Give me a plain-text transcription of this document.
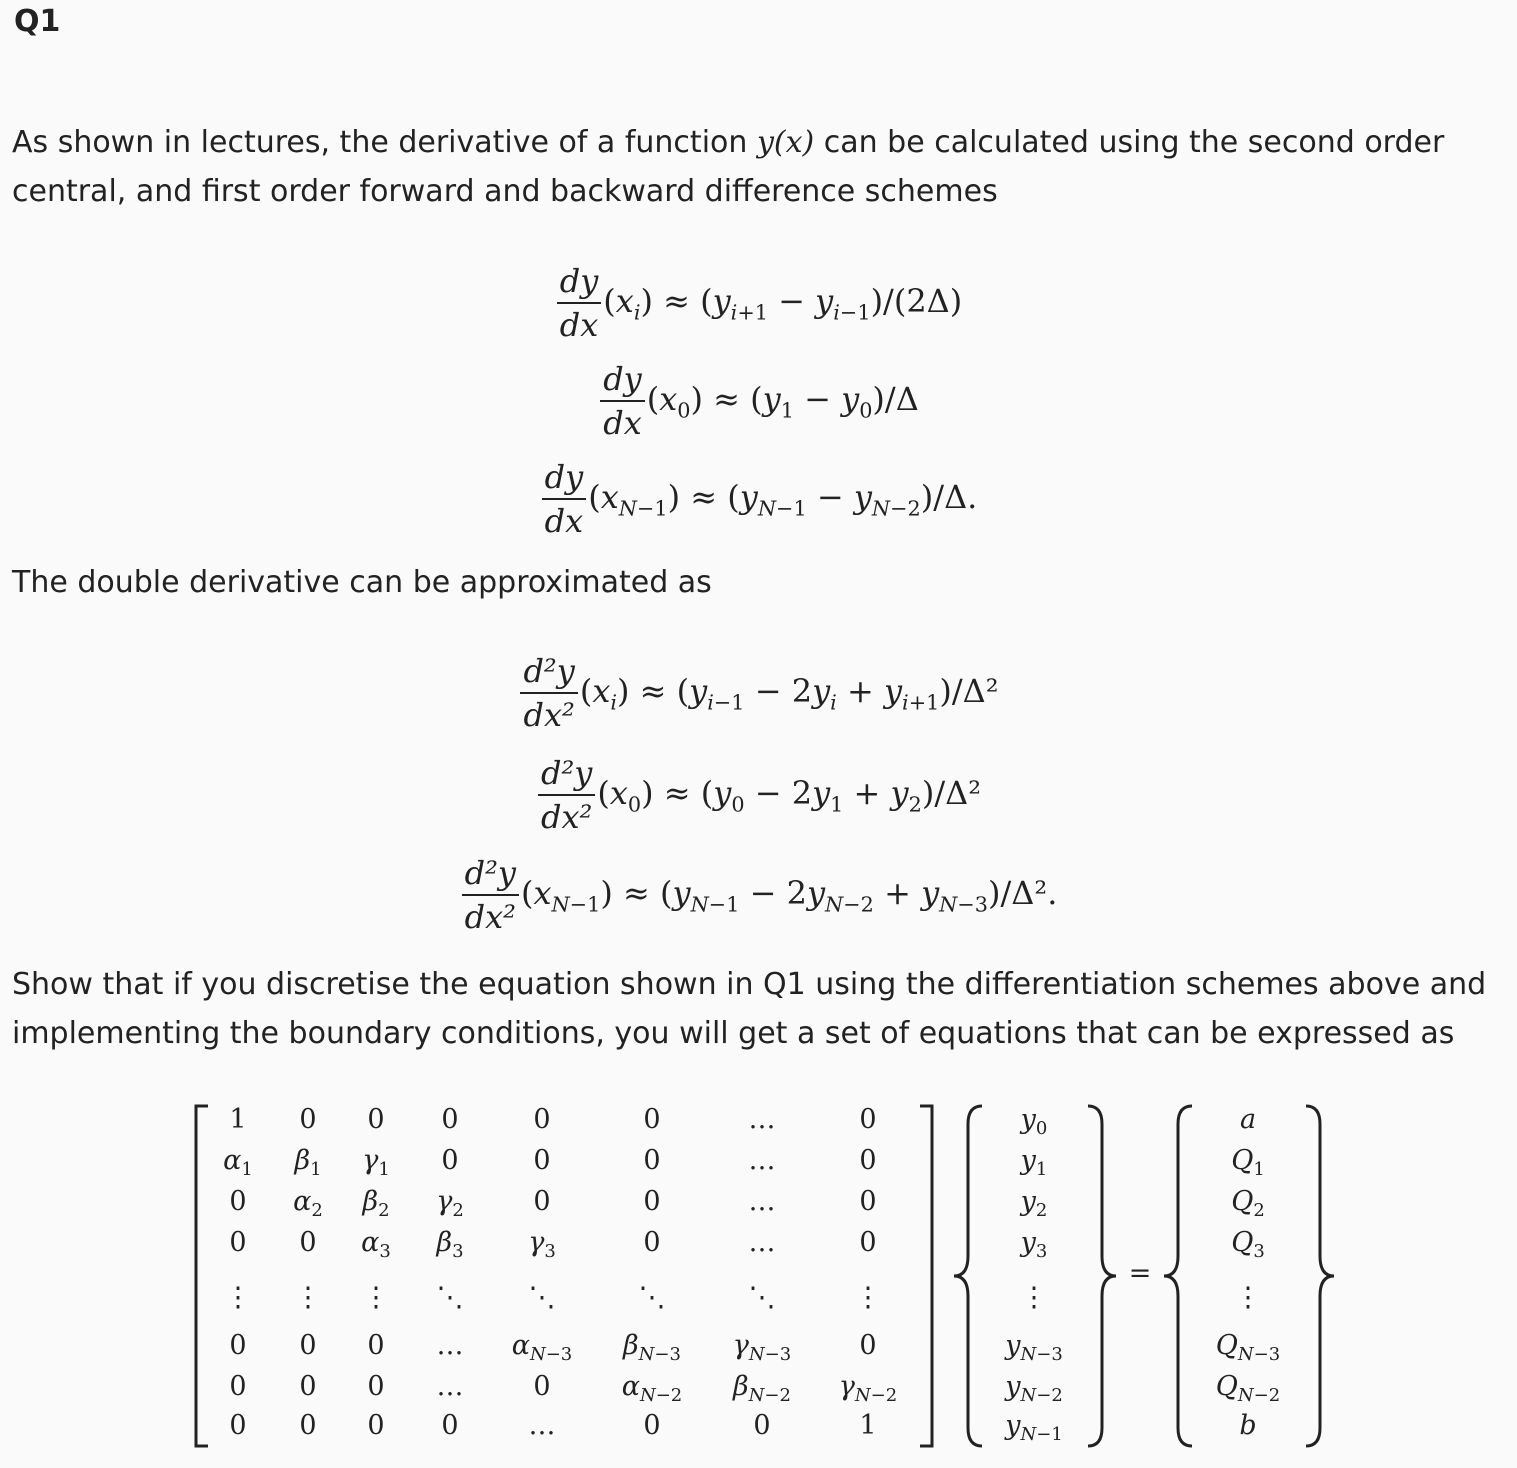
Q1
As shown in lectures, the derivative of a function y(x) can be calculated using the second order central, and first order forward and backward difference schemes
$\frac{dy}{dx} (x_i) \approx (y_{i+1} - y_{i-1})/(2\Delta)$
$\frac{dy}{dx} (x_0) \approx (y_1 - y_0)/\Delta$
$\frac{dy}{dx} (x_{N-1}) \approx (y_{N-1} - y_{N-2})/\Delta$.
The double derivative can be approximated as
$\frac{\text{d²y}}{\text{dx²}} (x_i) \approx (y_{i-1} - 2y_i + y_{i+1})/\Delta^2$
$\frac{\text{d²y}}{\text{dx²}} (x_0) \approx (y_0 - 2y_1 + y_2)/\Delta^2$
$\frac{\text{d²y}}{\text{dx²}} (x_{N-1}) \approx (y_{N-1} - 2y_{N-2} + y_{N-3})/\Delta^2$.
Show that if you discretise the equation shown in Q1 using the differentiation schemes above and implementing the boundary conditions, you will get a set of equations that can be expressed as
1	0	0	0	0	0	…	0
$\alpha_1$	$\beta_1$	$\gamma_1$	0	0	0	…	0
0	$\alpha_2$	$\beta_2$	$\gamma_2$	0	0	…	0
0	0	$\alpha_3$	$\beta_3$	$\gamma_3$	0	…	0
⋮	⋮	⋮	⋱	⋱	⋱	⋱	⋮
0	0	0	…	$\alpha_{N-3}$	$\beta_{N-3}$	$\gamma_{N-3}$	0
0	0	0	…	0	$\alpha_{N-2}$	$\beta_{N-2}$	$\gamma_{N-2}$
0	0	0	0	…	0	0	1
$y_0$
$y_1$
$y_2$
$y_3$
⋮
$y_{N-3}$
$y_{N-2}$
$y_{N-1}$
a
$Q_1$
$Q_2$
$Q_3$
⋮
$Q_{N-3}$
$Q_{N-2}$
b
=
